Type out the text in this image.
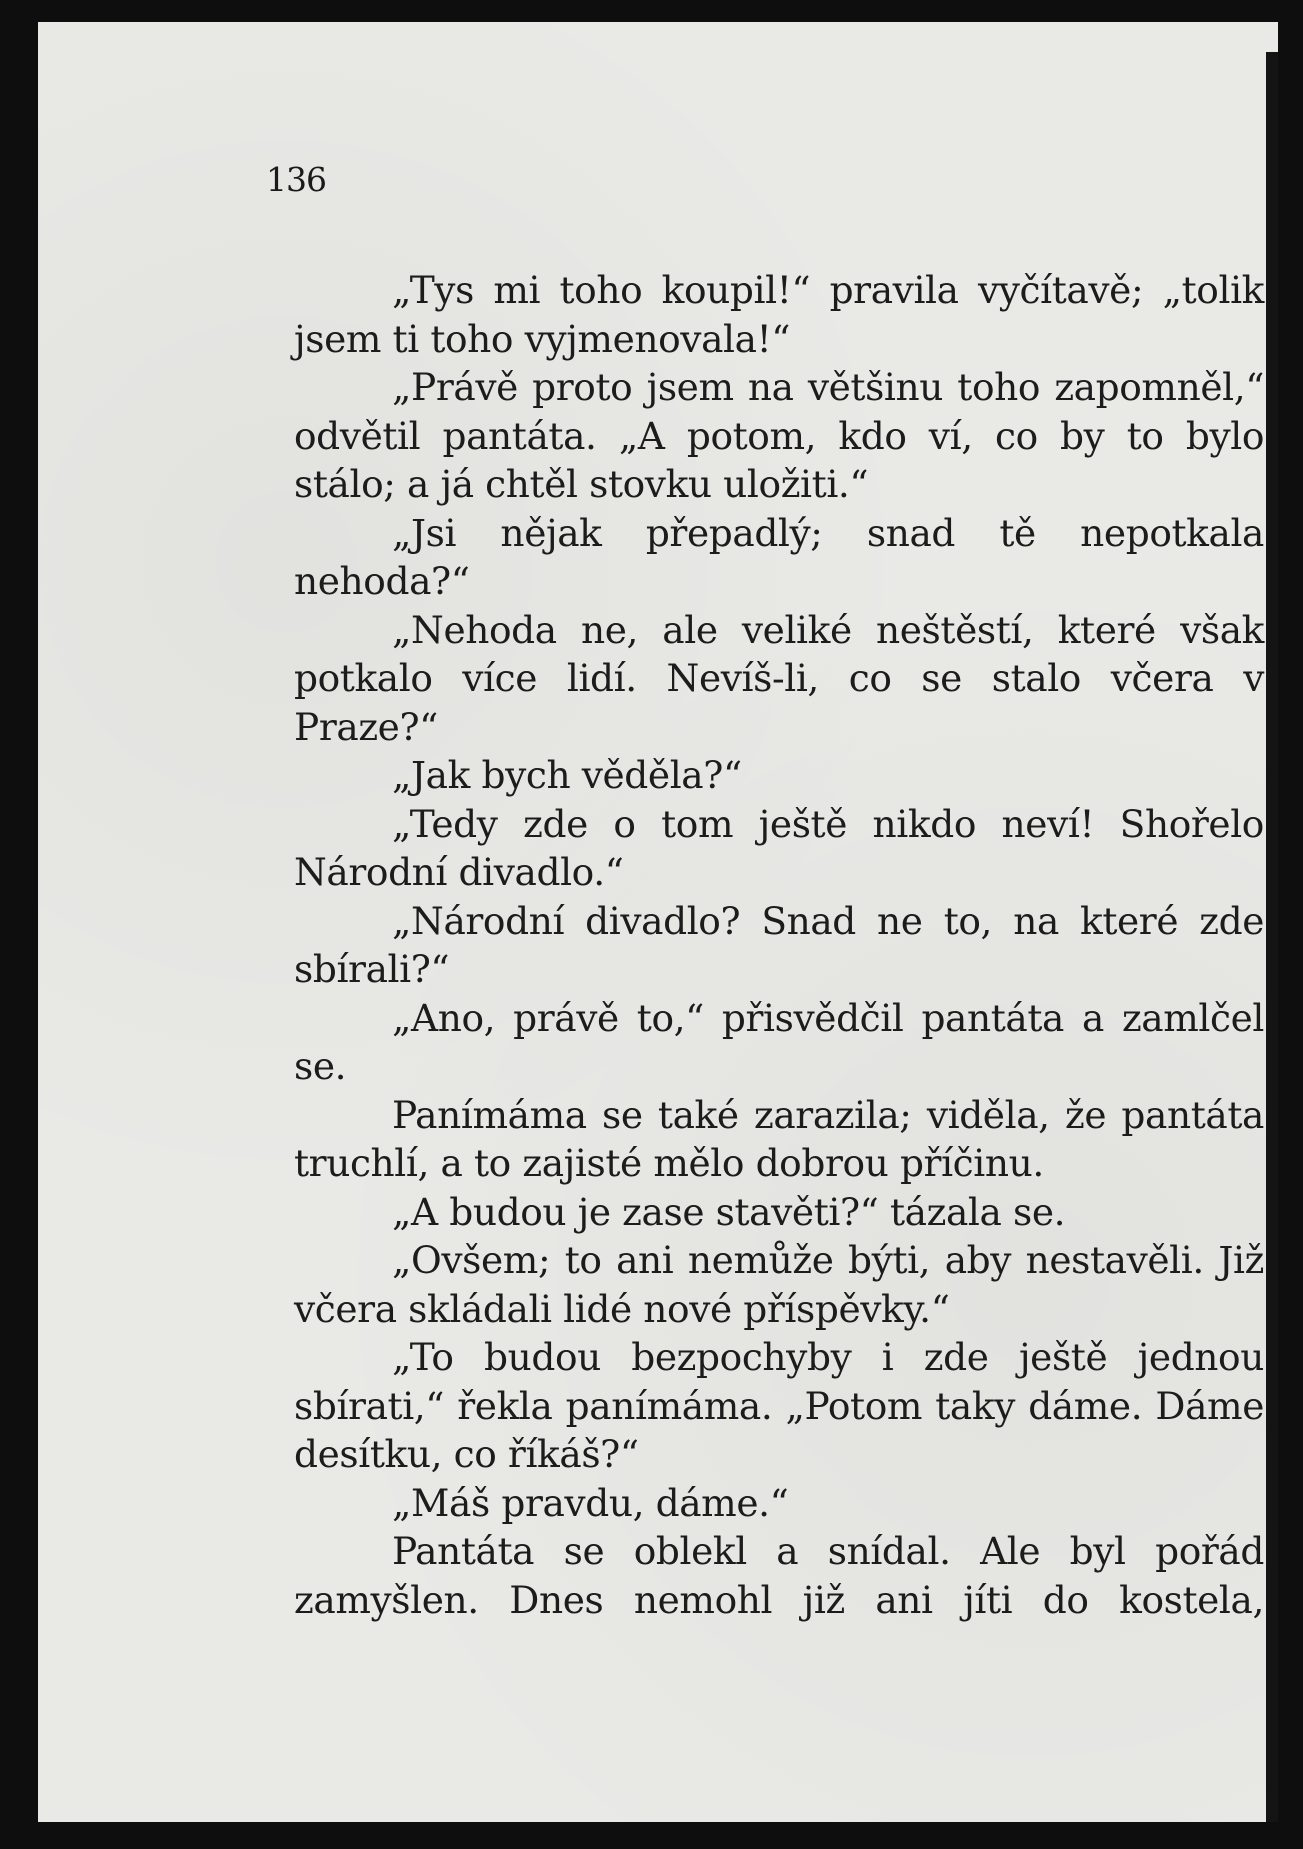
136

„Tys mi toho koupil!“ pravila vyčítavě; „tolik jsem ti toho vyjmenovala!“

„Právě proto jsem na většinu toho zapomněl,“ odvětil pantáta. „A potom, kdo ví, co by to bylo stálo; a já chtěl stovku uložiti.“

„Jsi nějak přepadlý; snad tě nepotkala nehoda?“

„Nehoda ne, ale veliké neštěstí, které však potkalo více lidí. Nevíš-li, co se stalo včera v Praze?“

„Jak bych věděla?“

„Tedy zde o tom ještě nikdo neví! Shořelo Národní divadlo.“

„Národní divadlo? Snad ne to, na které zde sbírali?“

„Ano, právě to,“ přisvědčil pantáta a zamlčel se.

Panímáma se také zarazila; viděla, že pantáta truchlí, a to zajisté mělo dobrou příčinu.

„A budou je zase stavěti?“ tázala se.

„Ovšem; to ani nemůže býti, aby nestavěli. Již včera skládali lidé nové příspěvky.“

„To budou bezpochyby i zde ještě jednou sbírati,“ řekla panímáma. „Potom taky dáme. Dáme desítku, co říkáš?“

„Máš pravdu, dáme.“

Pantáta se oblekl a snídal. Ale byl pořád zamyšlen. Dnes nemohl již ani jíti do kostela,
